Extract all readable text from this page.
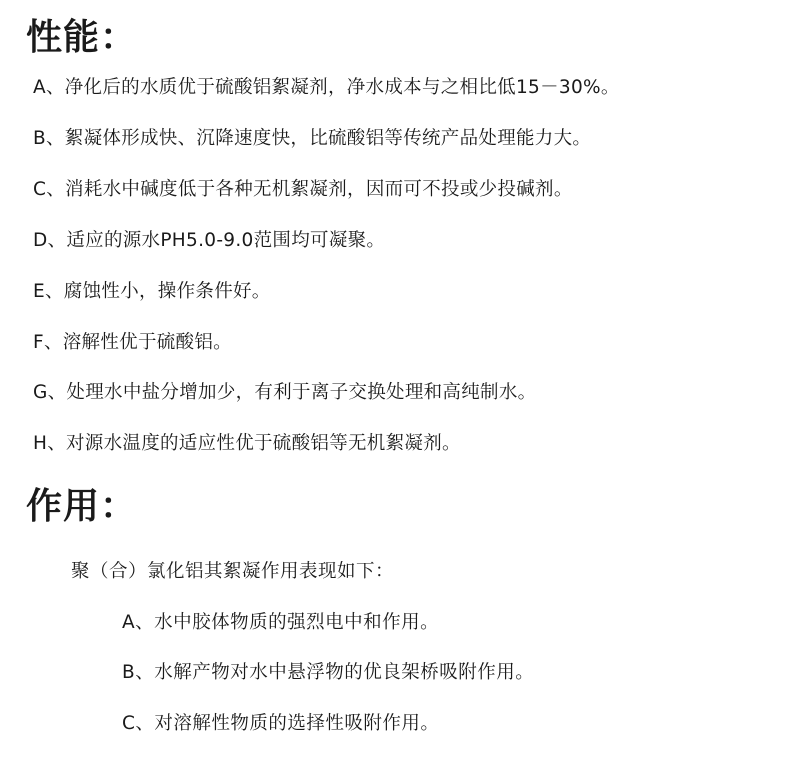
性能：

A、净化后的水质优于硫酸铝絮凝剂，净水成本与之相比低15－30%。

B、絮凝体形成快、沉降速度快，比硫酸铝等传统产品处理能力大。

C、消耗水中碱度低于各种无机絮凝剂，因而可不投或少投碱剂。

D、适应的源水PH5.0-9.0范围均可凝聚。

E、腐蚀性小，操作条件好。

F、溶解性优于硫酸铝。

G、处理水中盐分增加少，有利于离子交换处理和高纯制水。

H、对源水温度的适应性优于硫酸铝等无机絮凝剂。

作用：

聚（合）氯化铝其絮凝作用表现如下：

A、水中胶体物质的强烈电中和作用。

B、水解产物对水中悬浮物的优良架桥吸附作用。

C、对溶解性物质的选择性吸附作用。
